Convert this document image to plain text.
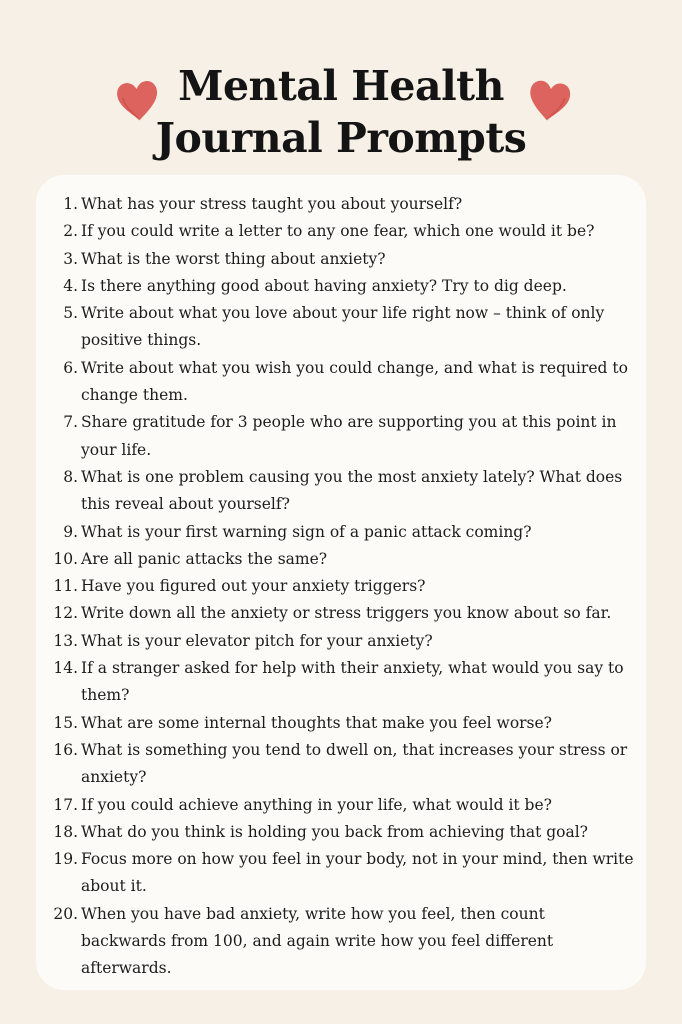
Mental Health
Journal Prompts
1. What has your stress taught you about yourself?
2. If you could write a letter to any one fear, which one would it be?
3. What is the worst thing about anxiety?
4. Is there anything good about having anxiety? Try to dig deep.
5. Write about what you love about your life right now – think of only positive things.
6. Write about what you wish you could change, and what is required to change them.
7. Share gratitude for 3 people who are supporting you at this point in your life.
8. What is one problem causing you the most anxiety lately? What does this reveal about yourself?
9. What is your first warning sign of a panic attack coming?
10. Are all panic attacks the same?
11. Have you figured out your anxiety triggers?
12. Write down all the anxiety or stress triggers you know about so far.
13. What is your elevator pitch for your anxiety?
14. If a stranger asked for help with their anxiety, what would you say to them?
15. What are some internal thoughts that make you feel worse?
16. What is something you tend to dwell on, that increases your stress or anxiety?
17. If you could achieve anything in your life, what would it be?
18. What do you think is holding you back from achieving that goal?
19. Focus more on how you feel in your body, not in your mind, then write about it.
20. When you have bad anxiety, write how you feel, then count backwards from 100, and again write how you feel different afterwards.
